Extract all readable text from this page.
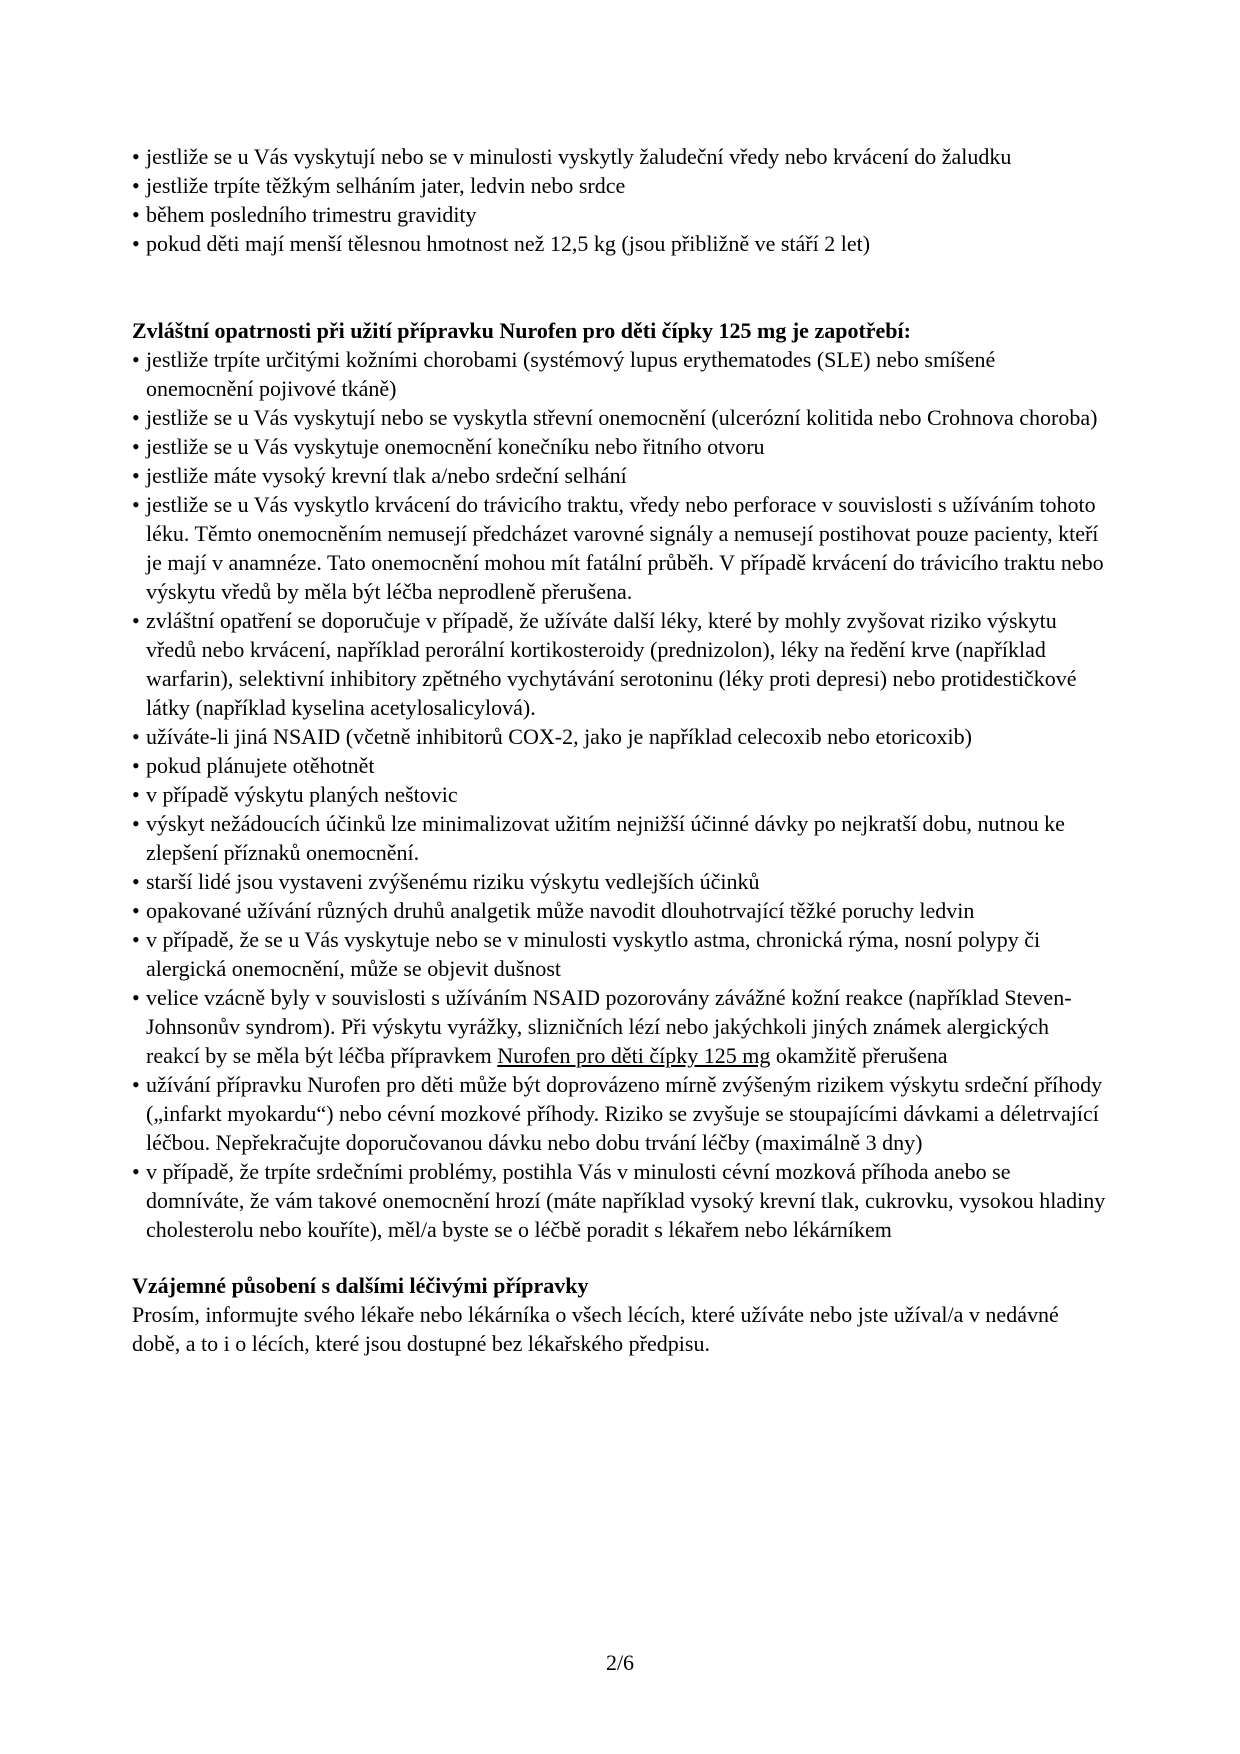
• jestliže se u Vás vyskytují nebo se v minulosti vyskytly žaludeční vředy nebo krvácení do žaludku
• jestliže trpíte těžkým selháním jater, ledvin nebo srdce
• během posledního trimestru gravidity
• pokud děti mají menší tělesnou hmotnost než 12,5 kg (jsou přibližně ve stáří 2 let)
Zvláštní opatrnosti při užití přípravku Nurofen pro děti čípky 125 mg je zapotřebí:
• jestliže trpíte určitými kožními chorobami (systémový lupus erythematodes (SLE) nebo smíšené onemocnění pojivové tkáně)
• jestliže se u Vás vyskytují nebo se vyskytla střevní onemocnění (ulcerózní kolitida nebo Crohnova choroba)
• jestliže se u Vás vyskytuje onemocnění konečníku nebo řitního otvoru
• jestliže máte vysoký krevní tlak a/nebo srdeční selhání
• jestliže se u Vás vyskytlo krvácení do trávicího traktu, vředy nebo perforace v souvislosti s užíváním tohoto léku. Těmto onemocněním nemusejí předcházet varovné signály a nemusejí postihovat pouze pacienty, kteří je mají v anamnéze. Tato onemocnění mohou mít fatální průběh. V případě krvácení do trávicího traktu nebo výskytu vředů by měla být léčba neprodleně přerušena.
• zvláštní opatření se doporučuje v případě, že užíváte další léky, které by mohly zvyšovat riziko výskytu vředů nebo krvácení, například perorální kortikosteroidy (prednizolon), léky na ředění krve (například warfarin), selektivní inhibitory zpětného vychytávání serotoninu (léky proti depresi) nebo protidestičkové látky (například kyselina acetylosalicylová).
• užíváte-li jiná NSAID (včetně inhibitorů COX-2, jako je například celecoxib nebo etoricoxib)
• pokud plánujete otěhotnět
• v případě výskytu planých neštovic
• výskyt nežádoucích účinků lze minimalizovat užitím nejnižší účinné dávky po nejkratší dobu, nutnou ke zlepšení příznaků onemocnění.
• starší lidé jsou vystaveni zvýšenému riziku výskytu vedlejších účinků
• opakované užívání různých druhů analgetik může navodit dlouhotrvající těžké poruchy ledvin
• v případě, že se u Vás vyskytuje nebo se v minulosti vyskytlo astma, chronická rýma, nosní polypy či alergická onemocnění, může se objevit dušnost
• velice vzácně byly v souvislosti s užíváním NSAID pozorovány závážné kožní reakce (například Steven-Johnsonův syndrom). Při výskytu vyrážky, slizničních lézí nebo jakýchkoli jiných známek alergických reakcí by se měla být léčba přípravkem Nurofen pro děti čípky 125 mg okamžitě přerušena
• užívání přípravku Nurofen pro děti může být doprovázeno mírně zvýšeným rizikem výskytu srdeční příhody („infarkt myokardu“) nebo cévní mozkové příhody. Riziko se zvyšuje se stoupajícími dávkami a déletrvající léčbou. Nepřekračujte doporučovanou dávku nebo dobu trvání léčby (maximálně 3 dny)
• v případě, že trpíte srdečními problémy, postihla Vás v minulosti cévní mozková příhoda anebo se domníváte, že vám takové onemocnění hrozí (máte například vysoký krevní tlak, cukrovku, vysokou hladiny cholesterolu nebo kouříte), měl/a byste se o léčbě poradit s lékařem nebo lékárníkem
Vzájemné působení s dalšími léčivými přípravky
Prosím, informujte svého lékaře nebo lékárníka o všech lécích, které užíváte nebo jste užíval/a v nedávné době, a to i o lécích, které jsou dostupné bez lékařského předpisu.
2/6
